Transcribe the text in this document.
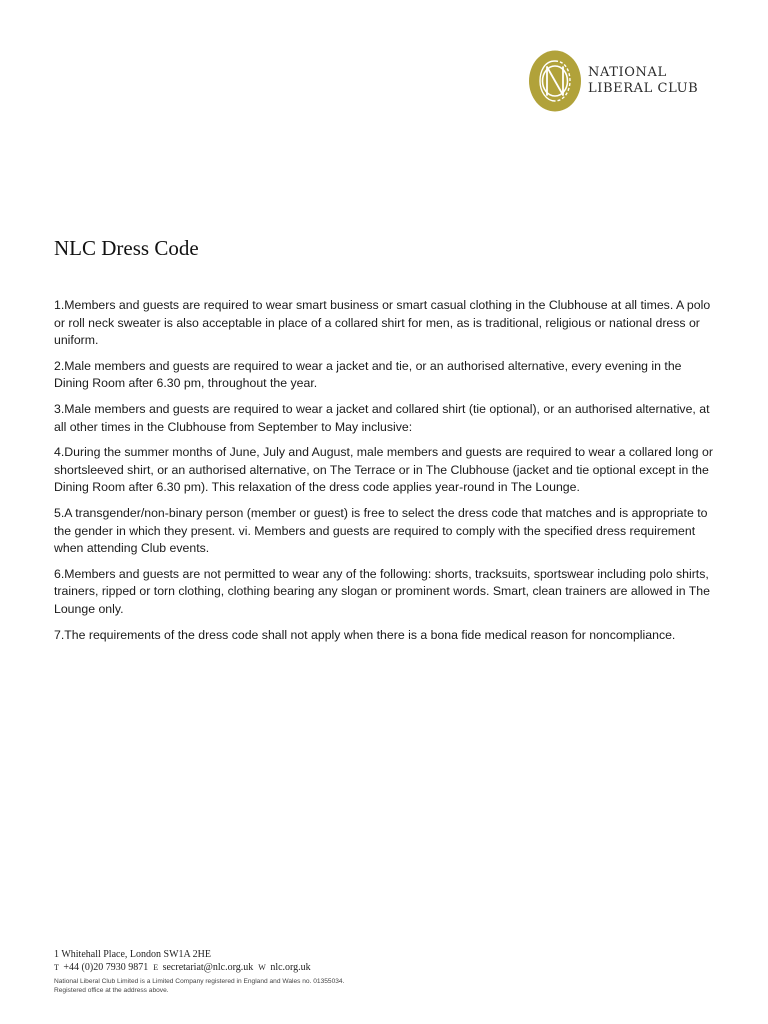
NATIONAL
LIBERAL CLUB
NLC Dress Code

1.Members and guests are required to wear smart business or smart casual clothing in the Clubhouse at all times. A polo or roll neck sweater is also acceptable in place of a collared shirt for men, as is traditional, religious or national dress or uniform.

2.Male members and guests are required to wear a jacket and tie, or an authorised alternative, every evening in the Dining Room after 6.30 pm, throughout the year.

3.Male members and guests are required to wear a jacket and collared shirt (tie optional), or an authorised alternative, at all other times in the Clubhouse from September to May inclusive:

4.During the summer months of June, July and August, male members and guests are required to wear a collared long or shortsleeved shirt, or an authorised alternative, on The Terrace or in The Clubhouse (jacket and tie optional except in the Dining Room after 6.30 pm). This relaxation of the dress code applies year-round in The Lounge.

5.A transgender/non-binary person (member or guest) is free to select the dress code that matches and is appropriate to the gender in which they present. vi. Members and guests are required to comply with the specified dress requirement when attending Club events.

6.Members and guests are not permitted to wear any of the following: shorts, tracksuits, sportswear including polo shirts, trainers, ripped or torn clothing, clothing bearing any slogan or prominent words. Smart, clean trainers are allowed in The Lounge only.

7.The requirements of the dress code shall not apply when there is a bona fide medical reason for noncompliance.

1 Whitehall Place, London SW1A 2HE
T +44 (0)20 7930 9871 E secretariat@nlc.org.uk W nlc.org.uk
National Liberal Club Limited is a Limited Company registered in England and Wales no. 01355034.
Registered office at the address above.
